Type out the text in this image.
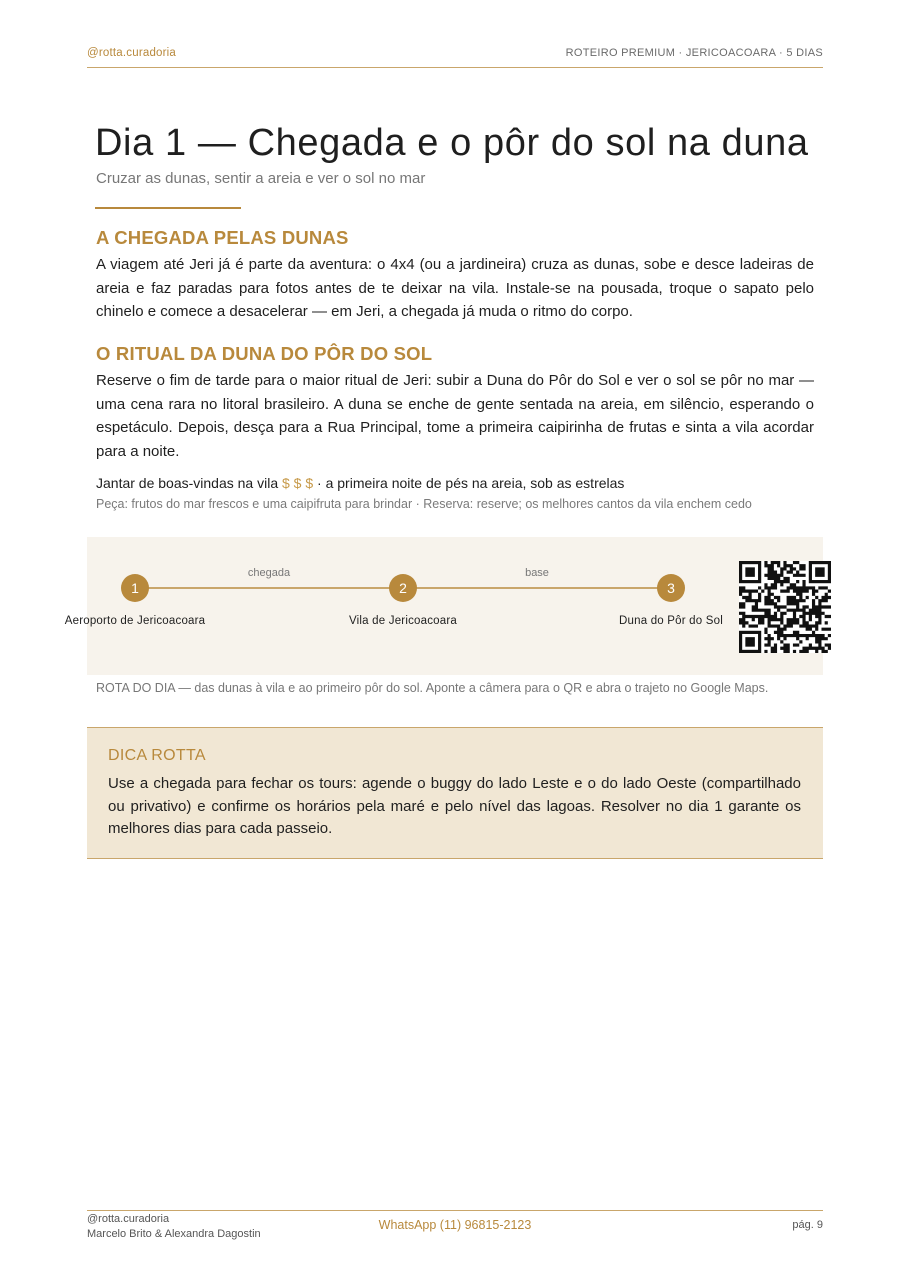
@rotta.curadoria	ROTEIRO PREMIUM · JERICOACOARA · 5 DIAS
Dia 1 — Chegada e o pôr do sol na duna
Cruzar as dunas, sentir a areia e ver o sol no mar
A CHEGADA PELAS DUNAS

A viagem até Jeri já é parte da aventura: o 4x4 (ou a jardineira) cruza as dunas, sobe e desce ladeiras de areia e faz paradas para fotos antes de te deixar na vila. Instale-se na pousada, troque o sapato pelo chinelo e comece a desacelerar — em Jeri, a chegada já muda o ritmo do corpo.

O RITUAL DA DUNA DO PÔR DO SOL

Reserve o fim de tarde para o maior ritual de Jeri: subir a Duna do Pôr do Sol e ver o sol se pôr no mar — uma cena rara no litoral brasileiro. A duna se enche de gente sentada na areia, em silêncio, esperando o espetáculo. Depois, desça para a Rua Principal, tome a primeira caipirinha de frutas e sinta a vila acordar para a noite.

Jantar de boas-vindas na vila $ $ $ · a primeira noite de pés na areia, sob as estrelas
Peça: frutos do mar frescos e uma caipifruta para brindar · Reserva: reserve; os melhores cantos da vila enchem cedo
chegada	base
1	2	3
Aeroporto de Jericoacoara	Vila de Jericoacoara	Duna do Pôr do Sol
ROTA DO DIA — das dunas à vila e ao primeiro pôr do sol. Aponte a câmera para o QR e abra o trajeto no Google Maps.
DICA ROTTA

Use a chegada para fechar os tours: agende o buggy do lado Leste e o do lado Oeste (compartilhado ou privativo) e confirme os horários pela maré e pelo nível das lagoas. Resolver no dia 1 garante os melhores dias para cada passeio.

@rotta.curadoria
Marcelo Brito & Alexandra Dagostin
WhatsApp (11) 96815-2123	pág. 9
